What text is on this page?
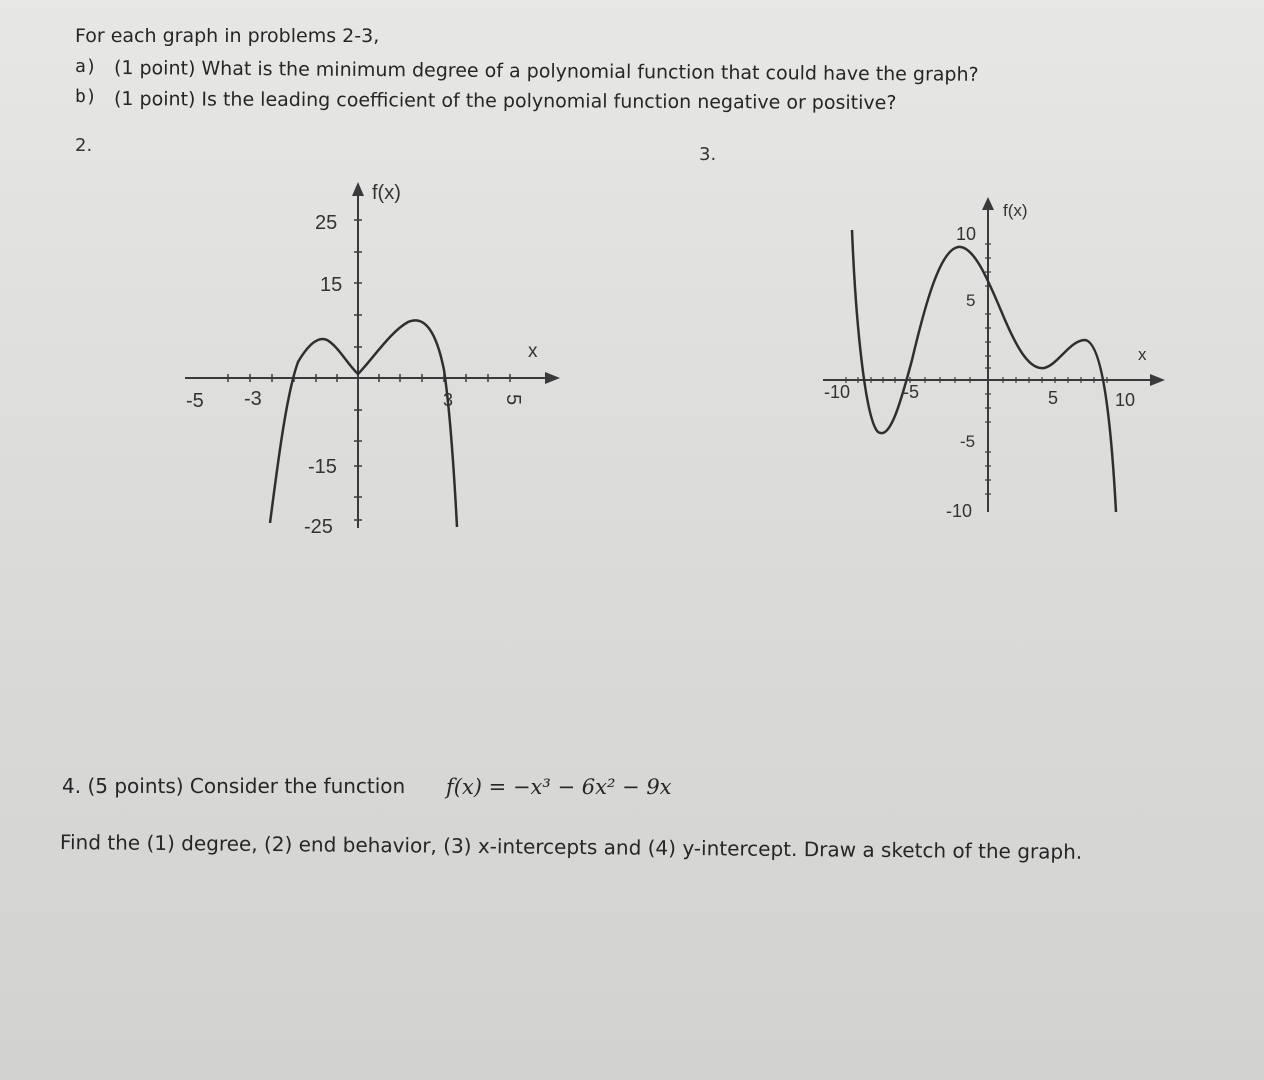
For each graph in problems 2-3,
a) (1 point) What is the minimum degree of a polynomial function that could have the graph?
b) (1 point) Is the leading coefficient of the polynomial function negative or positive?
2.	3.
f(x)
x
-5 -3	3 5
25
15
-15
-25
f(x)
x
-10	-5	5	10
10
5
-5
-10
4. (5 points) Consider the function f(x) = −x³ − 6x² − 9x
Find the (1) degree, (2) end behavior, (3) x-intercepts and (4) y-intercept. Draw a sketch of the graph.
